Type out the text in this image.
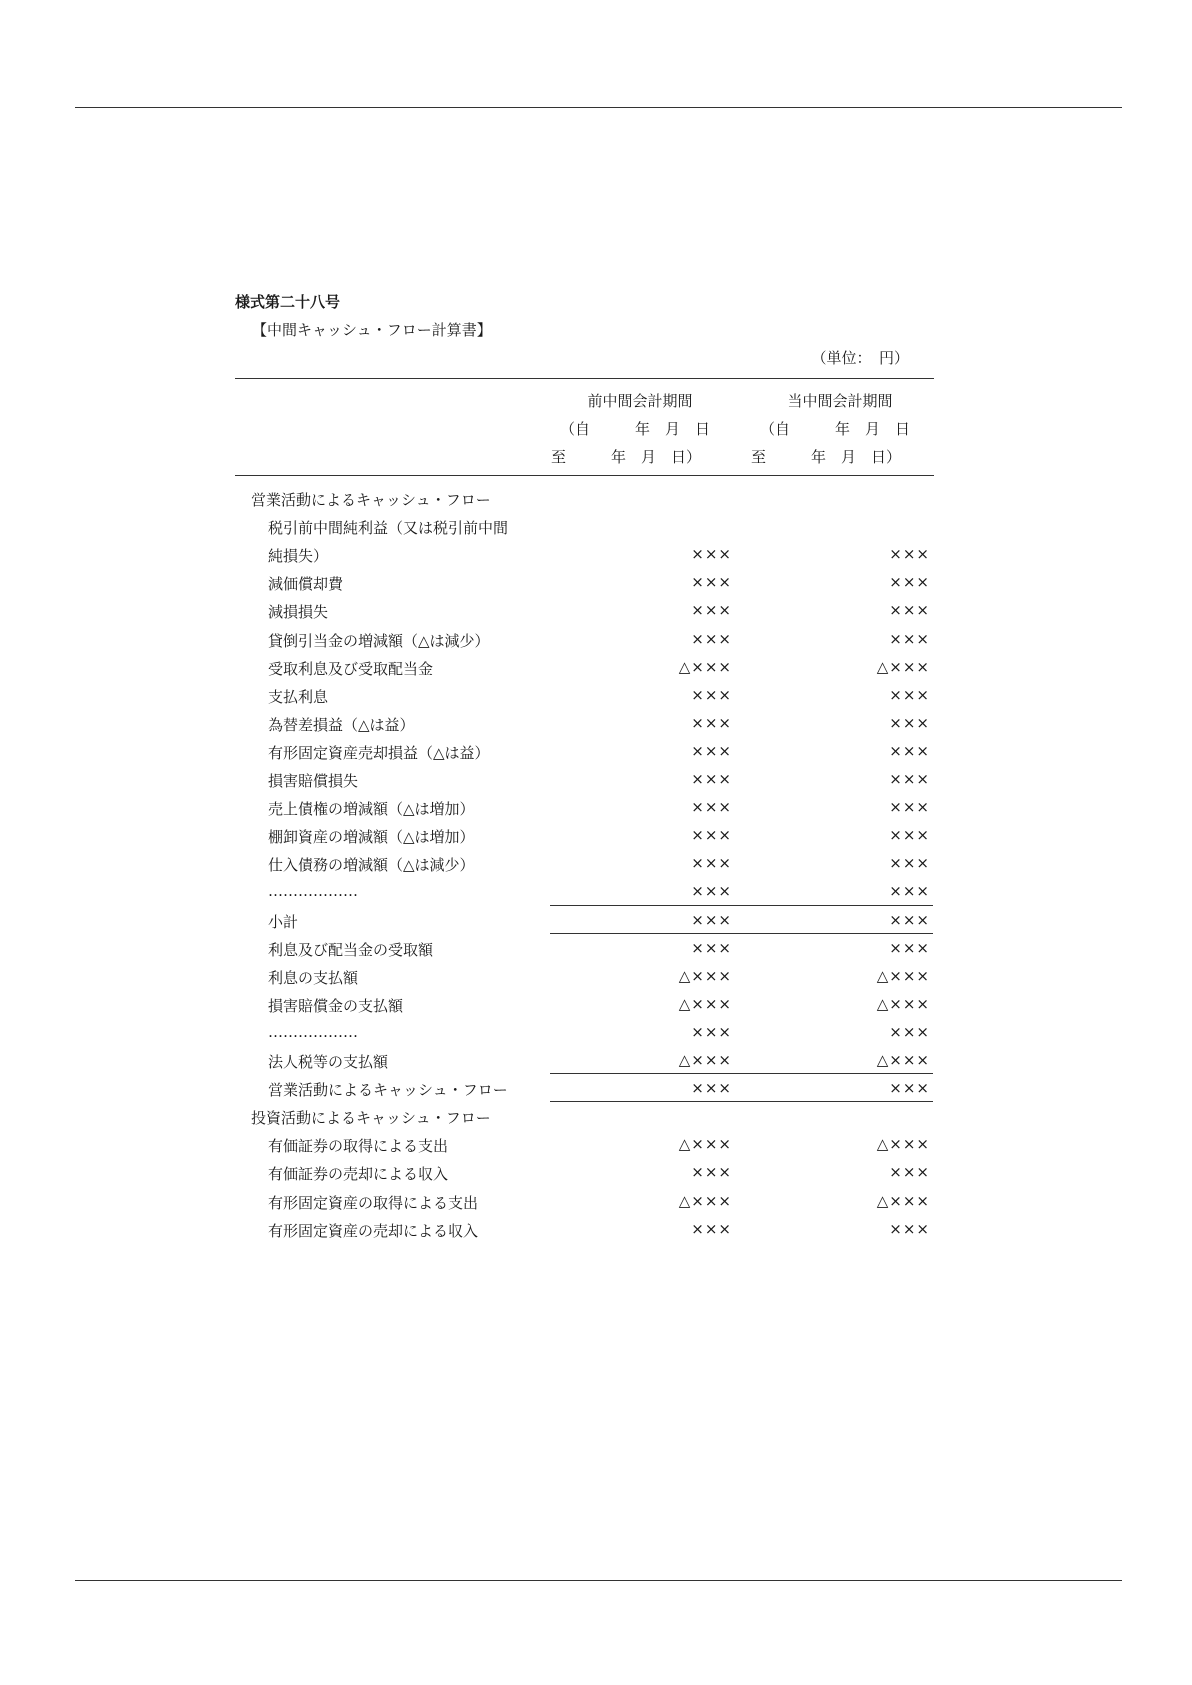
様式第二十八号
【中間キャッシュ・フロー計算書】
（単位：　円）
前中間会計期間	当中間会計期間
（自　　　年　月　日	（自　　　年　月　日
至　　　年　月　日）	至　　　年　月　日）
営業活動によるキャッシュ・フロー
税引前中間純利益（又は税引前中間
純損失）	×××	×××
減価償却費	×××	×××
減損損失	×××	×××
貸倒引当金の増減額（△は減少）	×××	×××
受取利息及び受取配当金	△×××	△×××
支払利息	×××	×××
為替差損益（△は益）	×××	×××
有形固定資産売却損益（△は益）	×××	×××
損害賠償損失	×××	×××
売上債権の増減額（△は増加）	×××	×××
棚卸資産の増減額（△は増加）	×××	×××
仕入債務の増減額（△は減少）	×××	×××
………………	×××	×××
小計	×××	×××
利息及び配当金の受取額	×××	×××
利息の支払額	△×××	△×××
損害賠償金の支払額	△×××	△×××
………………	×××	×××
法人税等の支払額	△×××	△×××
営業活動によるキャッシュ・フロー	×××	×××
投資活動によるキャッシュ・フロー
有価証券の取得による支出	△×××	△×××
有価証券の売却による収入	×××	×××
有形固定資産の取得による支出	△×××	△×××
有形固定資産の売却による収入	×××	×××
